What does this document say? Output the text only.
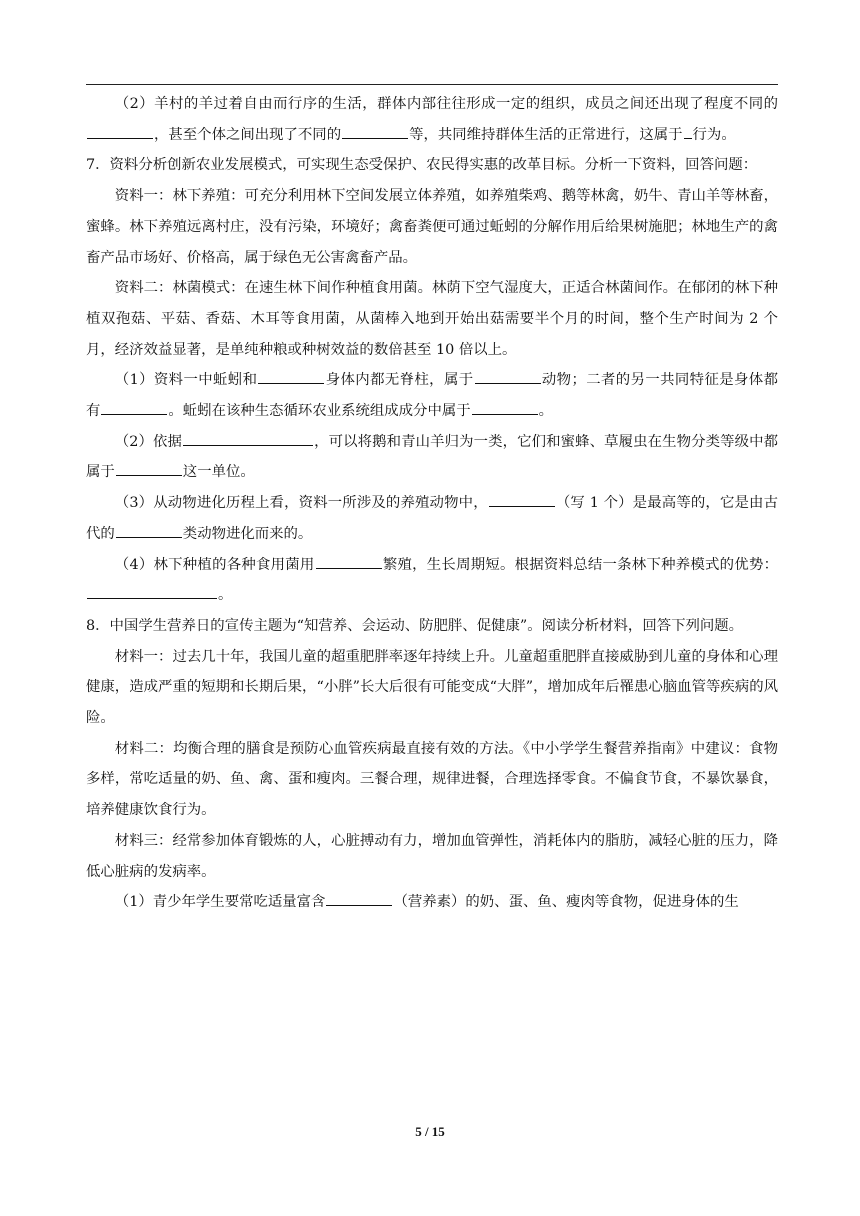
（2）羊村的羊过着自由而行序的生活，群体内部往往形成一定的组织，成员之间还出现了程度不同的，甚至个体之间出现了不同的	等，共同维持群体生活的正常进行，这属于 行为。

7．资料分析创新农业发展模式，可实现生态受保护、农民得实惠的改革目标。分析一下资料，回答问题：

资料一：林下养殖：可充分利用林下空间发展立体养殖，如养殖柴鸡、鹅等林禽，奶牛、青山羊等林畜，蜜蜂。林下养殖远离村庄，没有污染，环境好；禽畜粪便可通过蚯蚓的分解作用后给果树施肥；林地生产的禽畜产品市场好、价格高，属于绿色无公害禽畜产品。

资料二：林菌模式：在速生林下间作种植食用菌。林荫下空气湿度大，正适合林菌间作。在郁闭的林下种植双孢菇、平菇、香菇、木耳等食用菌，从菌棒入地到开始出菇需要半个月的时间，整个生产时间为 2 个月，经济效益显著，是单纯种粮或种树效益的数倍甚至 10 倍以上。

（1）资料一中蚯蚓和	身体内都无脊柱，属于	动物；二者的另一共同特征是身体都有	。蚯蚓在该种生态循环农业系统组成成分中属于	。

（2）依据	，可以将鹅和青山羊归为一类，它们和蜜蜂、草履虫在生物分类等级中都属于	这一单位。

（3）从动物进化历程上看，资料一所涉及的养殖动物中，	（写 1 个）是最高等的，它是由古代的	类动物进化而来的。

（4）林下种植的各种食用菌用	繁殖，生长周期短。根据资料总结一条林下种养模式的优势：。

8．中国学生营养日的宣传主题为“知营养、会运动、防肥胖、促健康”。阅读分析材料，回答下列问题。

材料一：过去几十年，我国儿童的超重肥胖率逐年持续上升。儿童超重肥胖直接威胁到儿童的身体和心理健康，造成严重的短期和长期后果，“小胖”长大后很有可能变成“大胖”，增加成年后罹患心脑血管等疾病的风险。

材料二：均衡合理的膳食是预防心血管疾病最直接有效的方法。《中小学学生餐营养指南》中建议：食物多样，常吃适量的奶、鱼、禽、蛋和瘦肉。三餐合理，规律进餐，合理选择零食。不偏食节食，不暴饮暴食，培养健康饮食行为。

材料三：经常参加体育锻炼的人，心脏搏动有力，增加血管弹性，消耗体内的脂肪，减轻心脏的压力，降低心脏病的发病率。

（1）青少年学生要常吃适量富含	（营养素）的奶、蛋、鱼、瘦肉等食物，促进身体的生

5 / 15
